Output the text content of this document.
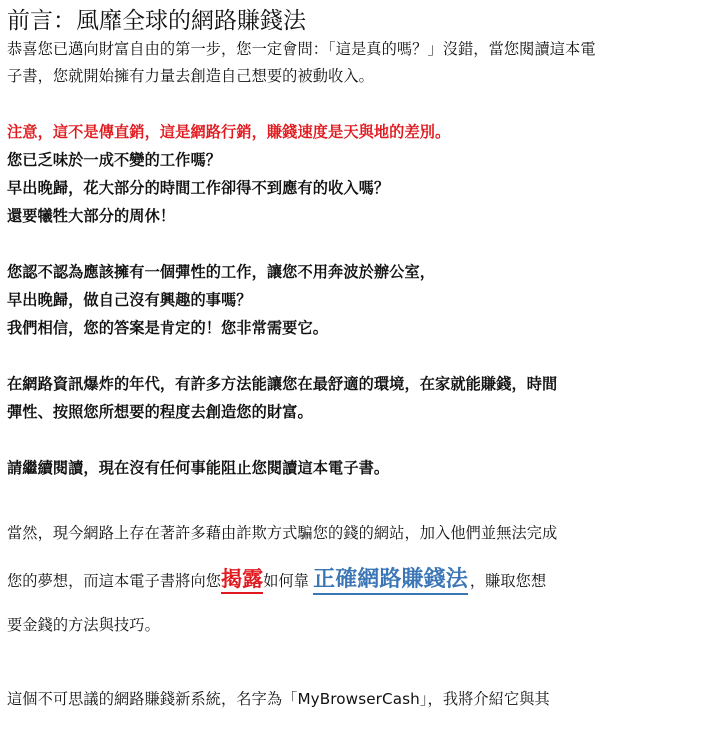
前言：風靡全球的網路賺錢法
恭喜您已邁向財富自由的第一步，您一定會問：「這是真的嗎？」沒錯，當您閱讀這本電
子書，您就開始擁有力量去創造自己想要的被動收入。
注意，這不是傳直銷，這是網路行銷，賺錢速度是天與地的差別。
您已乏味於一成不變的工作嗎？
早出晚歸，花大部分的時間工作卻得不到應有的收入嗎？
還要犧牲大部分的周休！
您認不認為應該擁有一個彈性的工作，讓您不用奔波於辦公室，
早出晚歸，做自己沒有興趣的事嗎？
我們相信，您的答案是肯定的！您非常需要它。
在網路資訊爆炸的年代，有許多方法能讓您在最舒適的環境，在家就能賺錢，時間
彈性、按照您所想要的程度去創造您的財富。
請繼續閱讀，現在沒有任何事能阻止您閱讀這本電子書。
當然，現今網路上存在著許多藉由詐欺方式騙您的錢的網站，加入他們並無法完成
您的夢想，而這本電子書將向您揭露如何靠 正確網路賺錢法 ，賺取您想
要金錢的方法與技巧。
這個不可思議的網路賺錢新系統，名字為「MyBrowserCash」，我將介紹它與其
